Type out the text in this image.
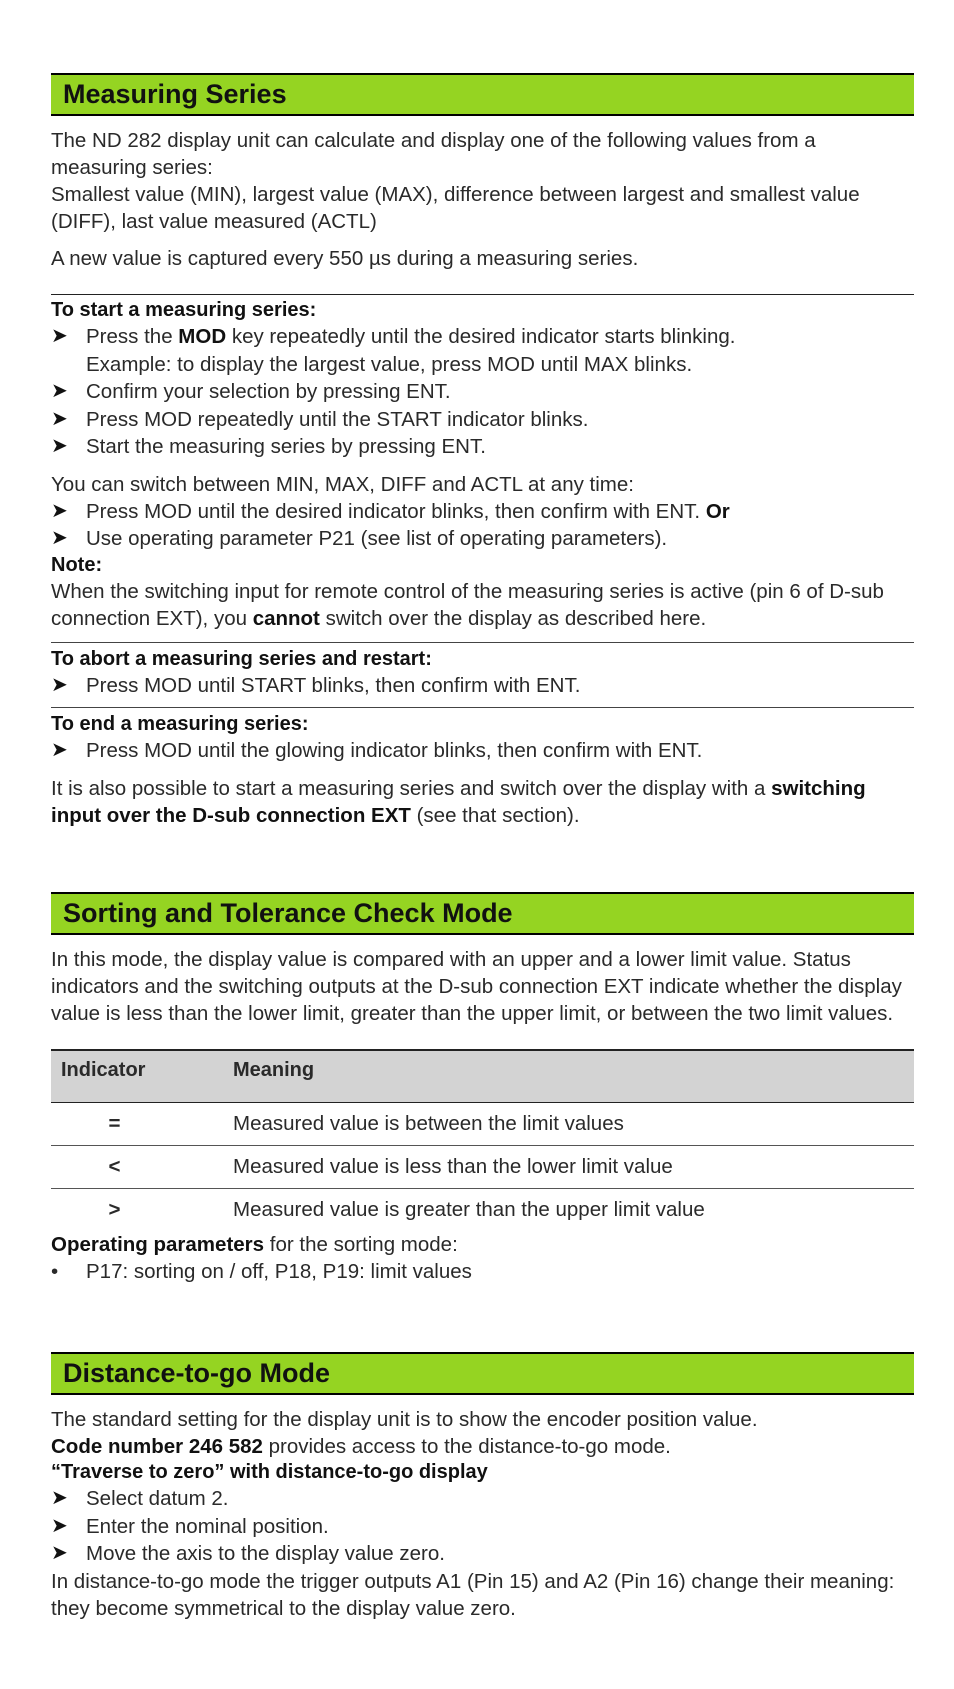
Measuring Series

The ND 282 display unit can calculate and display one of the following values from a measuring series:

Smallest value (MIN), largest value (MAX), difference between largest and smallest value (DIFF), last value measured (ACTL)

A new value is captured every 550 µs during a measuring series.

To start a measuring series:
➤ Press the MOD key repeatedly until the desired indicator starts blinking.
Example: to display the largest value, press MOD until MAX blinks.
➤ Confirm your selection by pressing ENT.
➤ Press MOD repeatedly until the START indicator blinks.
➤ Start the measuring series by pressing ENT.

You can switch between MIN, MAX, DIFF and ACTL at any time:

➤ Press MOD until the desired indicator blinks, then confirm with ENT. Or
➤ Use operating parameter P21 (see list of operating parameters).
Note:

When the switching input for remote control of the measuring series is active (pin 6 of D-sub connection EXT), you cannot switch over the display as described here.

To abort a measuring series and restart:
➤ Press MOD until START blinks, then confirm with ENT.
To end a measuring series:
➤ Press MOD until the glowing indicator blinks, then confirm with ENT.

It is also possible to start a measuring series and switch over the display with a switching input over the D-sub connection EXT (see that section).

Sorting and Tolerance Check Mode

In this mode, the display value is compared with an upper and a lower limit value. Status indicators and the switching outputs at the D-sub connection EXT indicate whether the display value is less than the lower limit, greater than the upper limit, or between the two limit values.

Indicator	Meaning
=	Measured value is between the limit values
<	Measured value is less than the lower limit value
>	Measured value is greater than the upper limit value

Operating parameters for the sorting mode:

•	P17: sorting on / off, P18, P19: limit values
Distance-to-go Mode

The standard setting for the display unit is to show the encoder position value.

Code number 246 582 provides access to the distance-to-go mode.

“Traverse to zero” with distance-to-go display
➤ Select datum 2.
➤ Enter the nominal position.
➤ Move the axis to the display value zero.

In distance-to-go mode the trigger outputs A1 (Pin 15) and A2 (Pin 16) change their meaning: they become symmetrical to the display value zero.
